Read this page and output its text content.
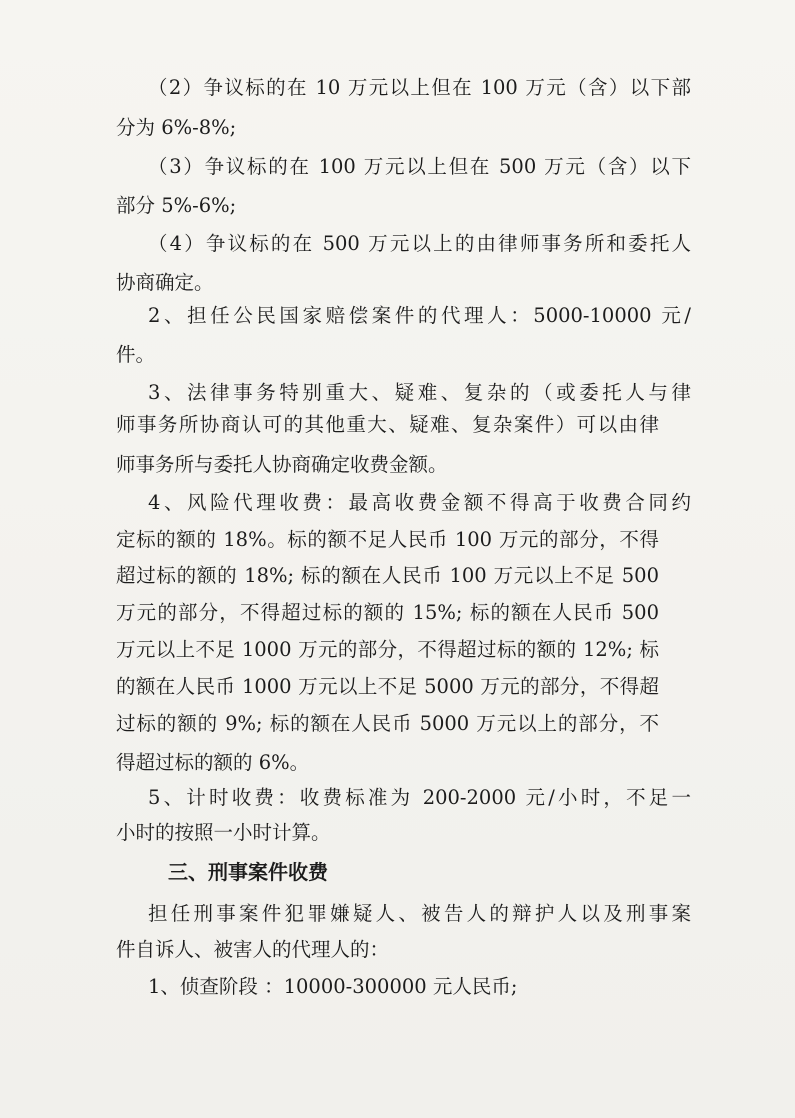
（2）争议标的在 10 万元以上但在 100 万元（含）以下部
分为 6%-8%;
（3）争议标的在 100 万元以上但在 500 万元（含）以下
部分 5%-6%;
（4）争议标的在 500 万元以上的由律师事务所和委托人
协商确定。
2、担任公民国家赔偿案件的代理人：5000-10000 元/
件。
3、法律事务特别重大、疑难、复杂的（或委托人与律
师事务所协商认可的其他重大、疑难、复杂案件）可以由律
师事务所与委托人协商确定收费金额。
4、风险代理收费：最高收费金额不得高于收费合同约
定标的额的 18%。标的额不足人民币 100 万元的部分，不得
超过标的额的 18%; 标的额在人民币 100 万元以上不足 500
万元的部分，不得超过标的额的 15%; 标的额在人民币 500
万元以上不足 1000 万元的部分，不得超过标的额的 12%; 标
的额在人民币 1000 万元以上不足 5000 万元的部分，不得超
过标的额的 9%; 标的额在人民币 5000 万元以上的部分，不
得超过标的额的 6%。
5、计时收费：收费标准为 200-2000 元/小时，不足一
小时的按照一小时计算。
三、刑事案件收费
担任刑事案件犯罪嫌疑人、被告人的辩护人以及刑事案
件自诉人、被害人的代理人的：
1、侦查阶段 ：10000-300000 元人民币;
